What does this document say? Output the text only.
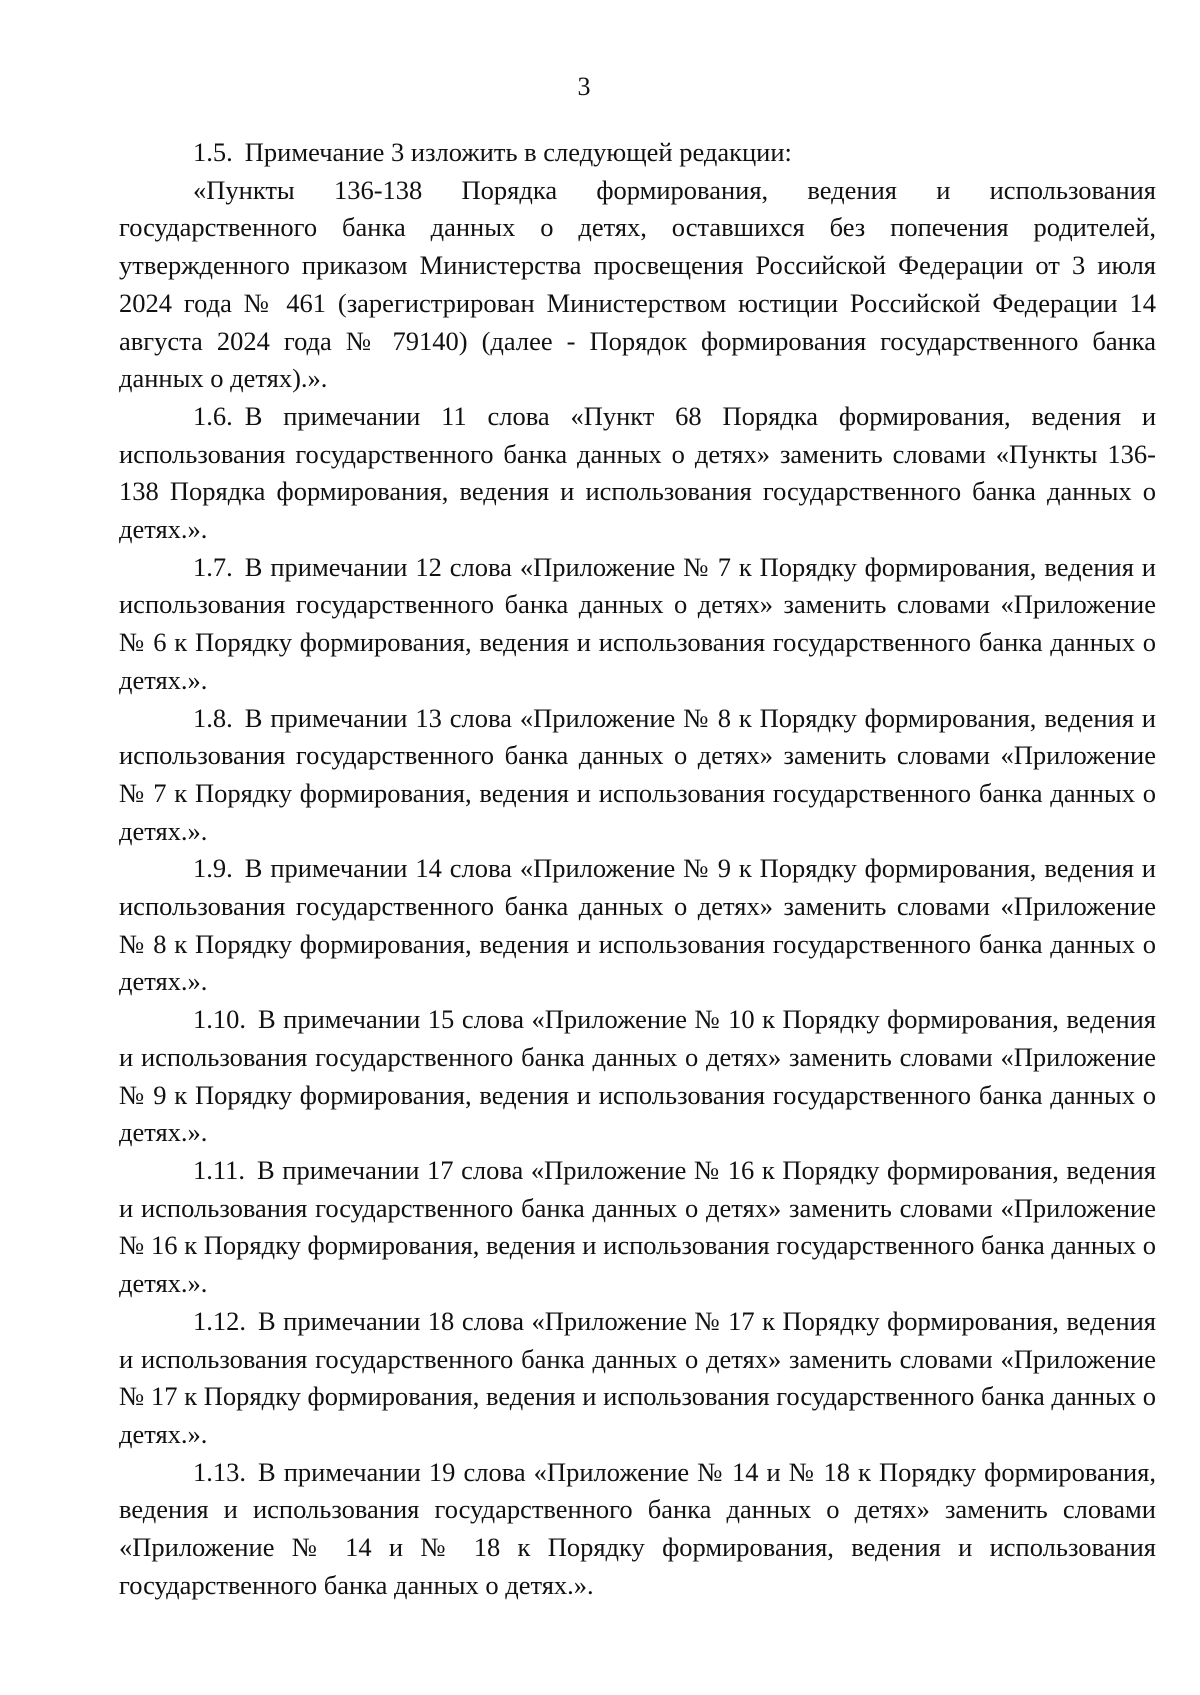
3

1.5. Примечание 3 изложить в следующей редакции:

«Пункты 136-138 Порядка формирования, ведения и использования государственного банка данных о детях, оставшихся без попечения родителей, утвержденного приказом Министерства просвещения Российской Федерации от 3 июля 2024 года № 461 (зарегистрирован Министерством юстиции Российской Федерации 14 августа 2024 года № 79140) (далее - Порядок формирования государственного банка данных о детях).».

1.6. В примечании 11 слова «Пункт 68 Порядка формирования, ведения и использования государственного банка данных о детях» заменить словами «Пункты 136-138 Порядка формирования, ведения и использования государственного банка данных о детях.».

1.7. В примечании 12 слова «Приложение № 7 к Порядку формирования, ведения и использования государственного банка данных о детях» заменить словами «Приложение № 6 к Порядку формирования, ведения и использования государственного банка данных о детях.».

1.8. В примечании 13 слова «Приложение № 8 к Порядку формирования, ведения и использования государственного банка данных о детях» заменить словами «Приложение № 7 к Порядку формирования, ведения и использования государственного банка данных о детях.».

1.9. В примечании 14 слова «Приложение № 9 к Порядку формирования, ведения и использования государственного банка данных о детях» заменить словами «Приложение № 8 к Порядку формирования, ведения и использования государственного банка данных о детях.».

1.10. В примечании 15 слова «Приложение № 10 к Порядку формирования, ведения и использования государственного банка данных о детях» заменить словами «Приложение № 9 к Порядку формирования, ведения и использования государственного банка данных о детях.».

1.11. В примечании 17 слова «Приложение № 16 к Порядку формирования, ведения и использования государственного банка данных о детях» заменить словами «Приложение № 16 к Порядку формирования, ведения и использования государственного банка данных о детях.».

1.12. В примечании 18 слова «Приложение № 17 к Порядку формирования, ведения и использования государственного банка данных о детях» заменить словами «Приложение № 17 к Порядку формирования, ведения и использования государственного банка данных о детях.».

1.13. В примечании 19 слова «Приложение № 14 и № 18 к Порядку формирования, ведения и использования государственного банка данных о детях» заменить словами «Приложение № 14 и № 18 к Порядку формирования, ведения и использования государственного банка данных о детях.».
